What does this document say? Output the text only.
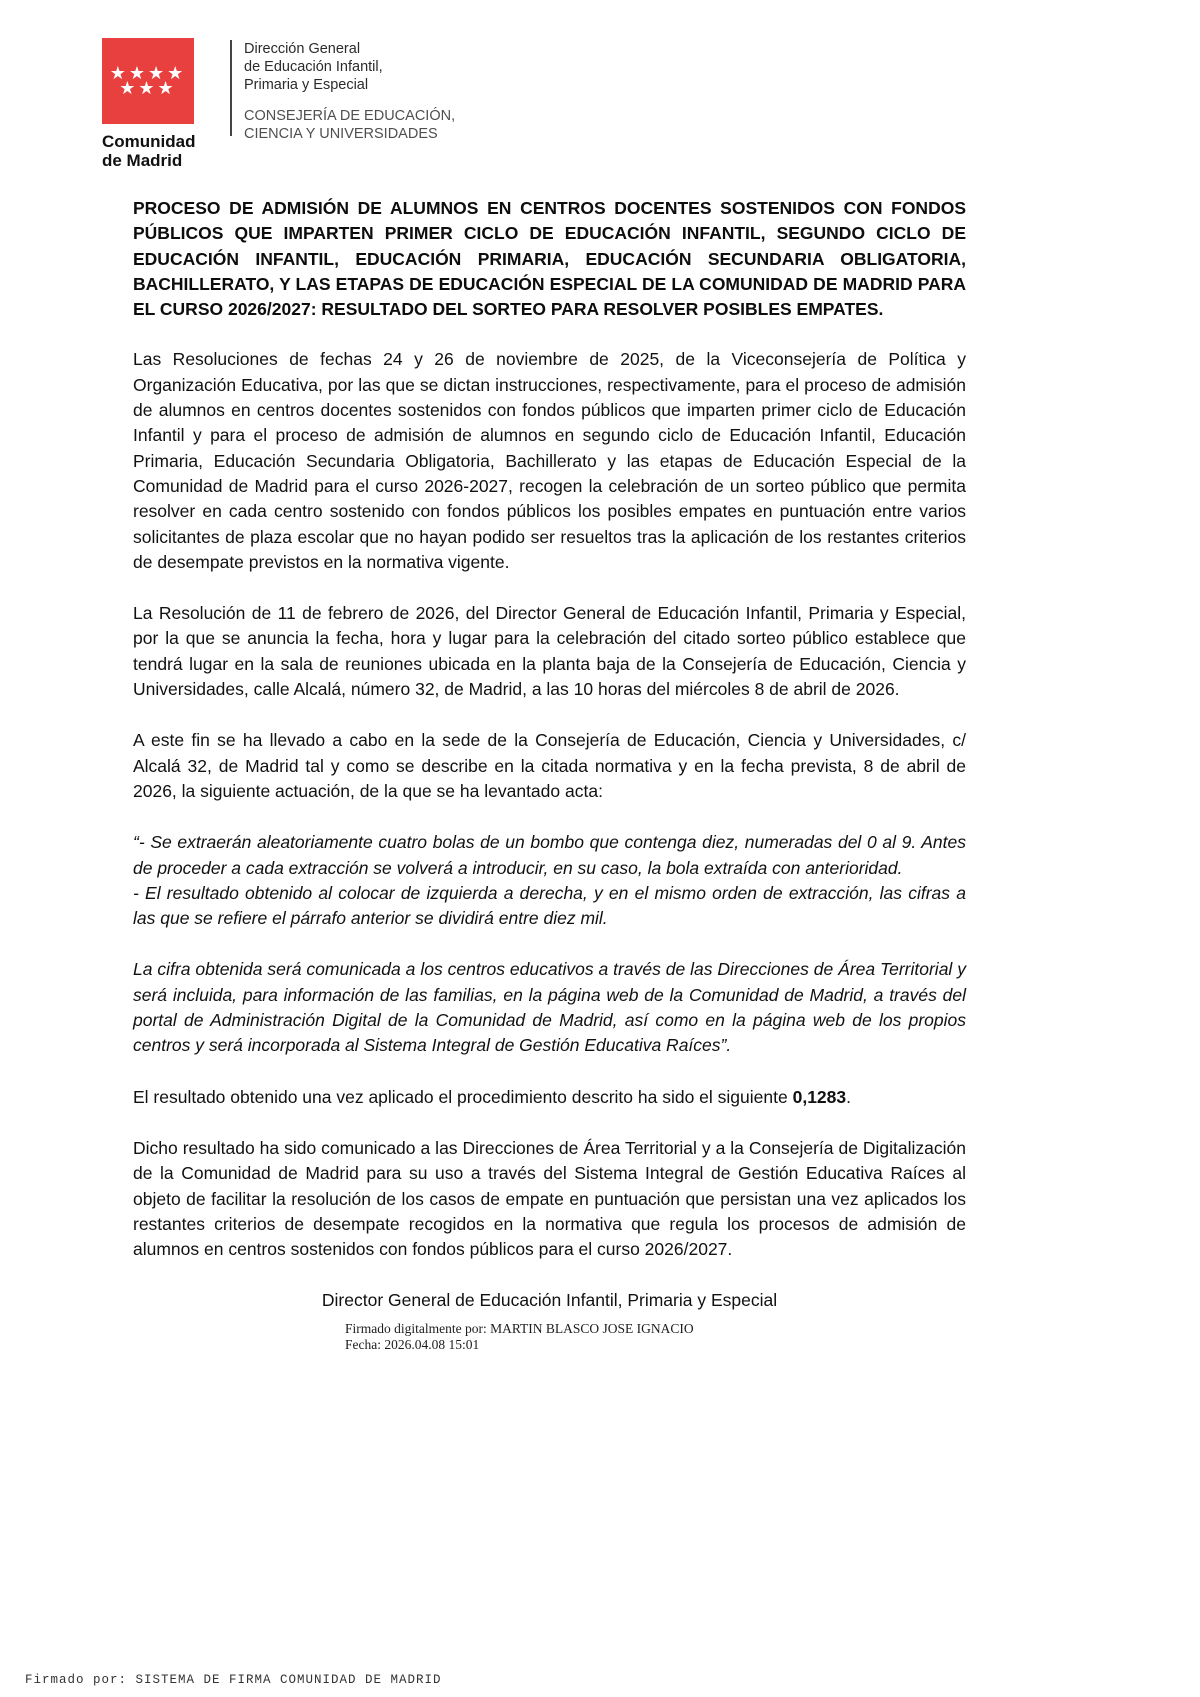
★★★★
★★★
Comunidad
de Madrid
Dirección General
de Educación Infantil,
Primaria y Especial
CONSEJERÍA DE EDUCACIÓN,
CIENCIA Y UNIVERSIDADES

PROCESO DE ADMISIÓN DE ALUMNOS EN CENTROS DOCENTES SOSTENIDOS CON FONDOS PÚBLICOS QUE IMPARTEN PRIMER CICLO DE EDUCACIÓN INFANTIL, SEGUNDO CICLO DE EDUCACIÓN INFANTIL, EDUCACIÓN PRIMARIA, EDUCACIÓN SECUNDARIA OBLIGATORIA, BACHILLERATO, Y LAS ETAPAS DE EDUCACIÓN ESPECIAL DE LA COMUNIDAD DE MADRID PARA EL CURSO 2026/2027: RESULTADO DEL SORTEO PARA RESOLVER POSIBLES EMPATES.

Las Resoluciones de fechas 24 y 26 de noviembre de 2025, de la Viceconsejería de Política y Organización Educativa, por las que se dictan instrucciones, respectivamente, para el proceso de admisión de alumnos en centros docentes sostenidos con fondos públicos que imparten primer ciclo de Educación Infantil y para el proceso de admisión de alumnos en segundo ciclo de Educación Infantil, Educación Primaria, Educación Secundaria Obligatoria, Bachillerato y las etapas de Educación Especial de la Comunidad de Madrid para el curso 2026-2027, recogen la celebración de un sorteo público que permita resolver en cada centro sostenido con fondos públicos los posibles empates en puntuación entre varios solicitantes de plaza escolar que no hayan podido ser resueltos tras la aplicación de los restantes criterios de desempate previstos en la normativa vigente.

La Resolución de 11 de febrero de 2026, del Director General de Educación Infantil, Primaria y Especial, por la que se anuncia la fecha, hora y lugar para la celebración del citado sorteo público establece que tendrá lugar en la sala de reuniones ubicada en la planta baja de la Consejería de Educación, Ciencia y Universidades, calle Alcalá, número 32, de Madrid, a las 10 horas del miércoles 8 de abril de 2026.

A este fin se ha llevado a cabo en la sede de la Consejería de Educación, Ciencia y Universidades, c/ Alcalá 32, de Madrid tal y como se describe en la citada normativa y en la fecha prevista, 8 de abril de 2026, la siguiente actuación, de la que se ha levantado acta:

“- Se extraerán aleatoriamente cuatro bolas de un bombo que contenga diez, numeradas del 0 al 9. Antes de proceder a cada extracción se volverá a introducir, en su caso, la bola extraída con anterioridad.

- El resultado obtenido al colocar de izquierda a derecha, y en el mismo orden de extracción, las cifras a las que se refiere el párrafo anterior se dividirá entre diez mil.

La cifra obtenida será comunicada a los centros educativos a través de las Direcciones de Área Territorial y será incluida, para información de las familias, en la página web de la Comunidad de Madrid, a través del portal de Administración Digital de la Comunidad de Madrid, así como en la página web de los propios centros y será incorporada al Sistema Integral de Gestión Educativa Raíces”.

El resultado obtenido una vez aplicado el procedimiento descrito ha sido el siguiente 0,1283.

Dicho resultado ha sido comunicado a las Direcciones de Área Territorial y a la Consejería de Digitalización de la Comunidad de Madrid para su uso a través del Sistema Integral de Gestión Educativa Raíces al objeto de facilitar la resolución de los casos de empate en puntuación que persistan una vez aplicados los restantes criterios de desempate recogidos en la normativa que regula los procesos de admisión de alumnos en centros sostenidos con fondos públicos para el curso 2026/2027.

Director General de Educación Infantil, Primaria y Especial
Firmado digitalmente por: MARTIN BLASCO JOSE IGNACIO
Fecha: 2026.04.08 15:01
Firmado por: SISTEMA DE FIRMA COMUNIDAD DE MADRID
